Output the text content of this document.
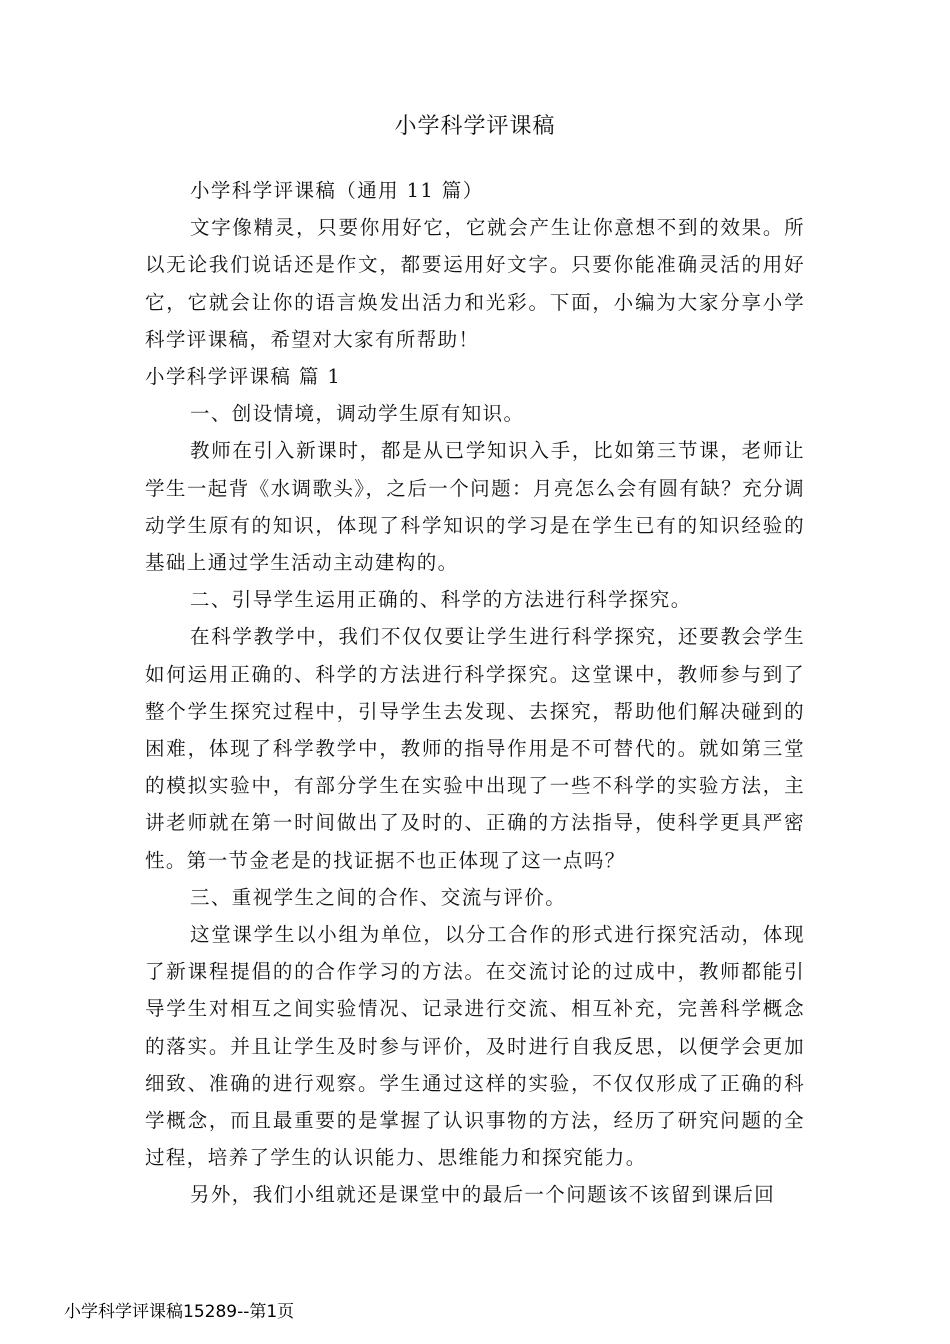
小学科学评课稿

小学科学评课稿（通用 11 篇）

文字像精灵，只要你用好它，它就会产生让你意想不到的效果。所以无论我们说话还是作文，都要运用好文字。只要你能准确灵活的用好它，它就会让你的语言焕发出活力和光彩。下面，小编为大家分享小学科学评课稿，希望对大家有所帮助！

小学科学评课稿 篇 1

一、创设情境，调动学生原有知识。

教师在引入新课时，都是从已学知识入手，比如第三节课，老师让学生一起背《水调歌头》，之后一个问题：月亮怎么会有圆有缺？充分调动学生原有的知识，体现了科学知识的学习是在学生已有的知识经验的基础上通过学生活动主动建构的。

二、引导学生运用正确的、科学的方法进行科学探究。

在科学教学中，我们不仅仅要让学生进行科学探究，还要教会学生如何运用正确的、科学的方法进行科学探究。这堂课中，教师参与到了整个学生探究过程中，引导学生去发现、去探究，帮助他们解决碰到的困难，体现了科学教学中，教师的指导作用是不可替代的。就如第三堂的模拟实验中，有部分学生在实验中出现了一些不科学的实验方法，主讲老师就在第一时间做出了及时的、正确的方法指导，使科学更具严密性。第一节金老是的找证据不也正体现了这一点吗？

三、重视学生之间的合作、交流与评价。

这堂课学生以小组为单位，以分工合作的形式进行探究活动，体现了新课程提倡的的合作学习的方法。在交流讨论的过成中，教师都能引导学生对相互之间实验情况、记录进行交流、相互补充，完善科学概念的落实。并且让学生及时参与评价，及时进行自我反思，以便学会更加细致、准确的进行观察。学生通过这样的实验，不仅仅形成了正确的科学概念，而且最重要的是掌握了认识事物的方法，经历了研究问题的全过程，培养了学生的认识能力、思维能力和探究能力。

另外，我们小组就还是课堂中的最后一个问题该不该留到课后回

小学科学评课稿15289--第1页
